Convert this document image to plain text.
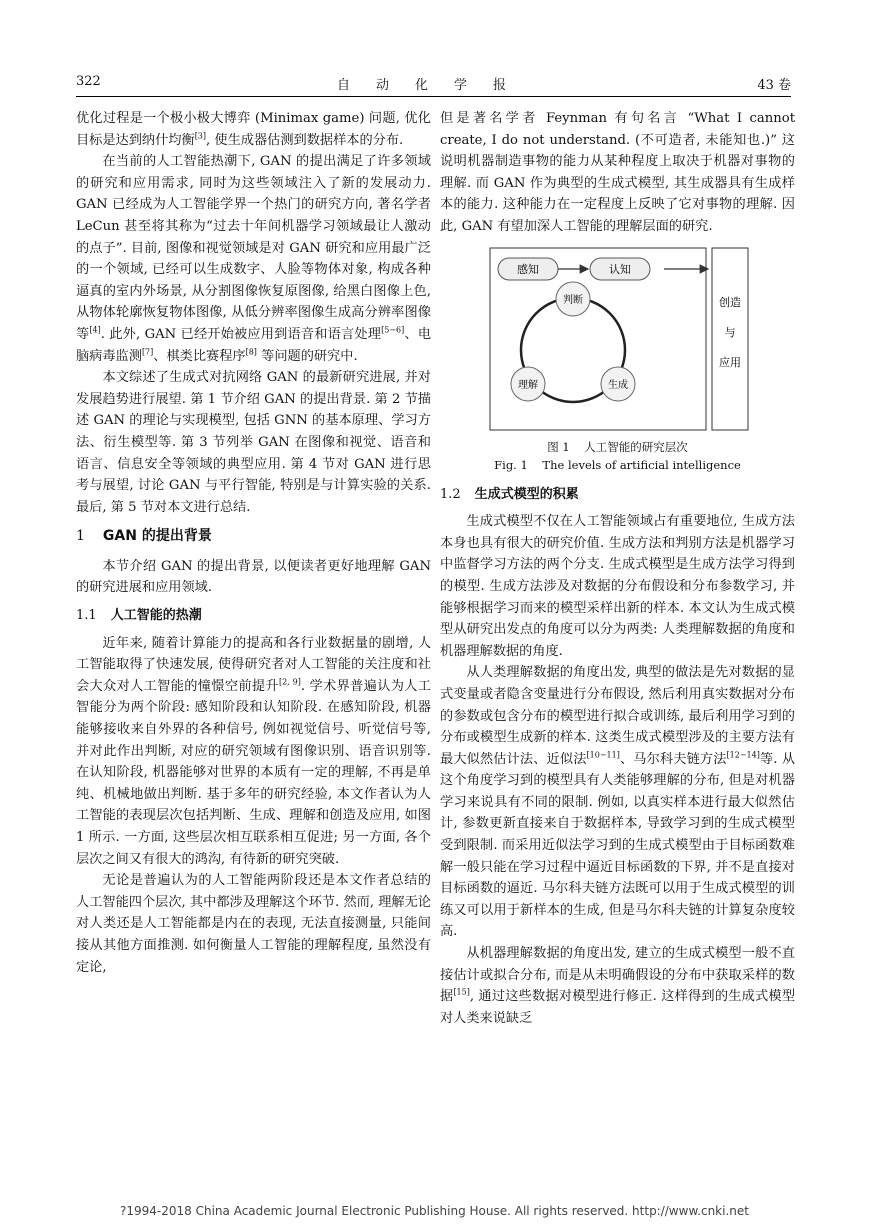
322	自动化学报	43 卷

优化过程是一个极小极大博弈 (Minimax game) 问题, 优化目标是达到纳什均衡[3], 使生成器估测到数据样本的分布.

在当前的人工智能热潮下, GAN 的提出满足了许多领域的研究和应用需求, 同时为这些领域注入了新的发展动力. GAN 已经成为人工智能学界一个热门的研究方向, 著名学者 LeCun 甚至将其称为“过去十年间机器学习领域最让人激动的点子”. 目前, 图像和视觉领域是对 GAN 研究和应用最广泛的一个领域, 已经可以生成数字、人脸等物体对象, 构成各种逼真的室内外场景, 从分割图像恢复原图像, 给黑白图像上色, 从物体轮廓恢复物体图像, 从低分辨率图像生成高分辨率图像等[4]. 此外, GAN 已经开始被应用到语音和语言处理[5−6]、电脑病毒监测[7]、棋类比赛程序[8] 等问题的研究中.

本文综述了生成式对抗网络 GAN 的最新研究进展, 并对发展趋势进行展望. 第 1 节介绍 GAN 的提出背景. 第 2 节描述 GAN 的理论与实现模型, 包括 GNN 的基本原理、学习方法、衍生模型等. 第 3 节列举 GAN 在图像和视觉、语音和语言、信息安全等领域的典型应用. 第 4 节对 GAN 进行思考与展望, 讨论 GAN 与平行智能, 特别是与计算实验的关系. 最后, 第 5 节对本文进行总结.

1 GAN 的提出背景

本节介绍 GAN 的提出背景, 以便读者更好地理解 GAN 的研究进展和应用领域.

1.1 人工智能的热潮

近年来, 随着计算能力的提高和各行业数据量的剧增, 人工智能取得了快速发展, 使得研究者对人工智能的关注度和社会大众对人工智能的憧憬空前提升[2, 9]. 学术界普遍认为人工智能分为两个阶段: 感知阶段和认知阶段. 在感知阶段, 机器能够接收来自外界的各种信号, 例如视觉信号、听觉信号等, 并对此作出判断, 对应的研究领域有图像识别、语音识别等. 在认知阶段, 机器能够对世界的本质有一定的理解, 不再是单纯、机械地做出判断. 基于多年的研究经验, 本文作者认为人工智能的表现层次包括判断、生成、理解和创造及应用, 如图 1 所示. 一方面, 这些层次相互联系相互促进; 另一方面, 各个层次之间又有很大的鸿沟, 有待新的研究突破.

无论是普遍认为的人工智能两阶段还是本文作者总结的人工智能四个层次, 其中都涉及理解这个环节. 然而, 理解无论对人类还是人工智能都是内在的表现, 无法直接测量, 只能间接从其他方面推测. 如何衡量人工智能的理解程度, 虽然没有定论,

但是著名学者 Feynman 有句名言 “What I cannot create, I do not understand. (不可造者, 未能知也.)” 这说明机器制造事物的能力从某种程度上取决于机器对事物的理解. 而 GAN 作为典型的生成式模型, 其生成器具有生成样本的能力. 这种能力在一定程度上反映了它对事物的理解. 因此, GAN 有望加深人工智能的理解层面的研究.

感知	认知
判断
理解	生成
创造
与
应用
图 1    人工智能的研究层次
Fig. 1    The levels of artificial intelligence
1.2 生成式模型的积累

生成式模型不仅在人工智能领域占有重要地位, 生成方法本身也具有很大的研究价值. 生成方法和判别方法是机器学习中监督学习方法的两个分支. 生成式模型是生成方法学习得到的模型. 生成方法涉及对数据的分布假设和分布参数学习, 并能够根据学习而来的模型采样出新的样本. 本文认为生成式模型从研究出发点的角度可以分为两类: 人类理解数据的角度和机器理解数据的角度.

从人类理解数据的角度出发, 典型的做法是先对数据的显式变量或者隐含变量进行分布假设, 然后利用真实数据对分布的参数或包含分布的模型进行拟合或训练, 最后利用学习到的分布或模型生成新的样本. 这类生成式模型涉及的主要方法有最大似然估计法、近似法[10−11]、马尔科夫链方法[12−14]等. 从这个角度学习到的模型具有人类能够理解的分布, 但是对机器学习来说具有不同的限制. 例如, 以真实样本进行最大似然估计, 参数更新直接来自于数据样本, 导致学习到的生成式模型受到限制. 而采用近似法学习到的生成式模型由于目标函数难解一般只能在学习过程中逼近目标函数的下界, 并不是直接对目标函数的逼近. 马尔科夫链方法既可以用于生成式模型的训练又可以用于新样本的生成, 但是马尔科夫链的计算复杂度较高.

从机器理解数据的角度出发, 建立的生成式模型一般不直接估计或拟合分布, 而是从未明确假设的分布中获取采样的数据[15], 通过这些数据对模型进行修正. 这样得到的生成式模型对人类来说缺乏

?1994-2018 China Academic Journal Electronic Publishing House. All rights reserved. http://www.cnki.net
